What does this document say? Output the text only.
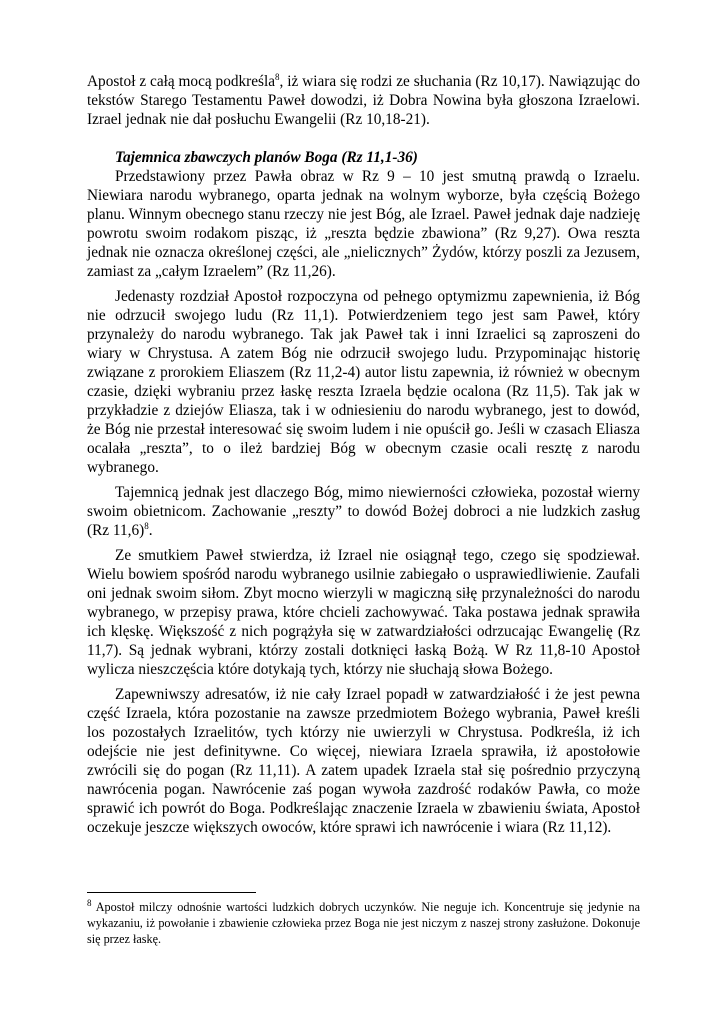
Apostoł z całą mocą podkreśla$^8$, iż wiara się rodzi ze słuchania (Rz 10,17). Nawiązując do tekstów Starego Testamentu Paweł dowodzi, iż Dobra Nowina była głoszona Izraelowi. Izrael jednak nie dał posłuchu Ewangelii (Rz 10,18-21).

Tajemnica zbawczych planów Boga (Rz 11,1-36)

Przedstawiony przez Pawła obraz w Rz 9 – 10 jest smutną prawdą o Izraelu. Niewiara narodu wybranego, oparta jednak na wolnym wyborze, była częścią Bożego planu. Winnym obecnego stanu rzeczy nie jest Bóg, ale Izrael. Paweł jednak daje nadzieję powrotu swoim rodakom pisząc, iż „reszta będzie zbawiona” (Rz 9,27). Owa reszta jednak nie oznacza określonej części, ale „nielicznych” Żydów, którzy poszli za Jezusem, zamiast za „całym Izraelem” (Rz 11,26).

Jedenasty rozdział Apostoł rozpoczyna od pełnego optymizmu zapewnienia, iż Bóg nie odrzucił swojego ludu (Rz 11,1). Potwierdzeniem tego jest sam Paweł, który przynależy do narodu wybranego. Tak jak Paweł tak i inni Izraelici są zaproszeni do wiary w Chrystusa. A zatem Bóg nie odrzucił swojego ludu. Przypominając historię związane z prorokiem Eliaszem (Rz 11,2-4) autor listu zapewnia, iż również w obecnym czasie, dzięki wybraniu przez łaskę reszta Izraela będzie ocalona (Rz 11,5). Tak jak w przykładzie z dziejów Eliasza, tak i w odniesieniu do narodu wybranego, jest to dowód, że Bóg nie przestał interesować się swoim ludem i nie opuścił go. Jeśli w czasach Eliasza ocalała „reszta”, to o ileż bardziej Bóg w obecnym czasie ocali resztę z narodu wybranego.

Tajemnicą jednak jest dlaczego Bóg, mimo niewierności człowieka, pozostał wierny swoim obietnicom. Zachowanie „reszty” to dowód Bożej dobroci a nie ludzkich zasług (Rz 11,6)$^8$.

Ze smutkiem Paweł stwierdza, iż Izrael nie osiągnął tego, czego się spodziewał. Wielu bowiem spośród narodu wybranego usilnie zabiegało o usprawiedliwienie. Zaufali oni jednak swoim siłom. Zbyt mocno wierzyli w magiczną siłę przynależności do narodu wybranego, w przepisy prawa, które chcieli zachowywać. Taka postawa jednak sprawiła ich klęskę. Większość z nich pogrążyła się w zatwardziałości odrzucając Ewangelię (Rz 11,7). Są jednak wybrani, którzy zostali dotknięci łaską Bożą. W Rz 11,8-10 Apostoł wylicza nieszczęścia które dotykają tych, którzy nie słuchają słowa Bożego.

Zapewniwszy adresatów, iż nie cały Izrael popadł w zatwardziałość i że jest pewna część Izraela, która pozostanie na zawsze przedmiotem Bożego wybrania, Paweł kreśli los pozostałych Izraelitów, tych którzy nie uwierzyli w Chrystusa. Podkreśla, iż ich odejście nie jest definitywne. Co więcej, niewiara Izraela sprawiła, iż apostołowie zwrócili się do pogan (Rz 11,11). A zatem upadek Izraela stał się pośrednio przyczyną nawrócenia pogan. Nawrócenie zaś pogan wywoła zazdrość rodaków Pawła, co może sprawić ich powrót do Boga. Podkreślając znaczenie Izraela w zbawieniu świata, Apostoł oczekuje jeszcze większych owoców, które sprawi ich nawrócenie i wiara (Rz 11,12).

$^8$ Apostoł milczy odnośnie wartości ludzkich dobrych uczynków. Nie neguje ich. Koncentruje się jedynie na wykazaniu, iż powołanie i zbawienie człowieka przez Boga nie jest niczym z naszej strony zasłużone. Dokonuje się przez łaskę.
